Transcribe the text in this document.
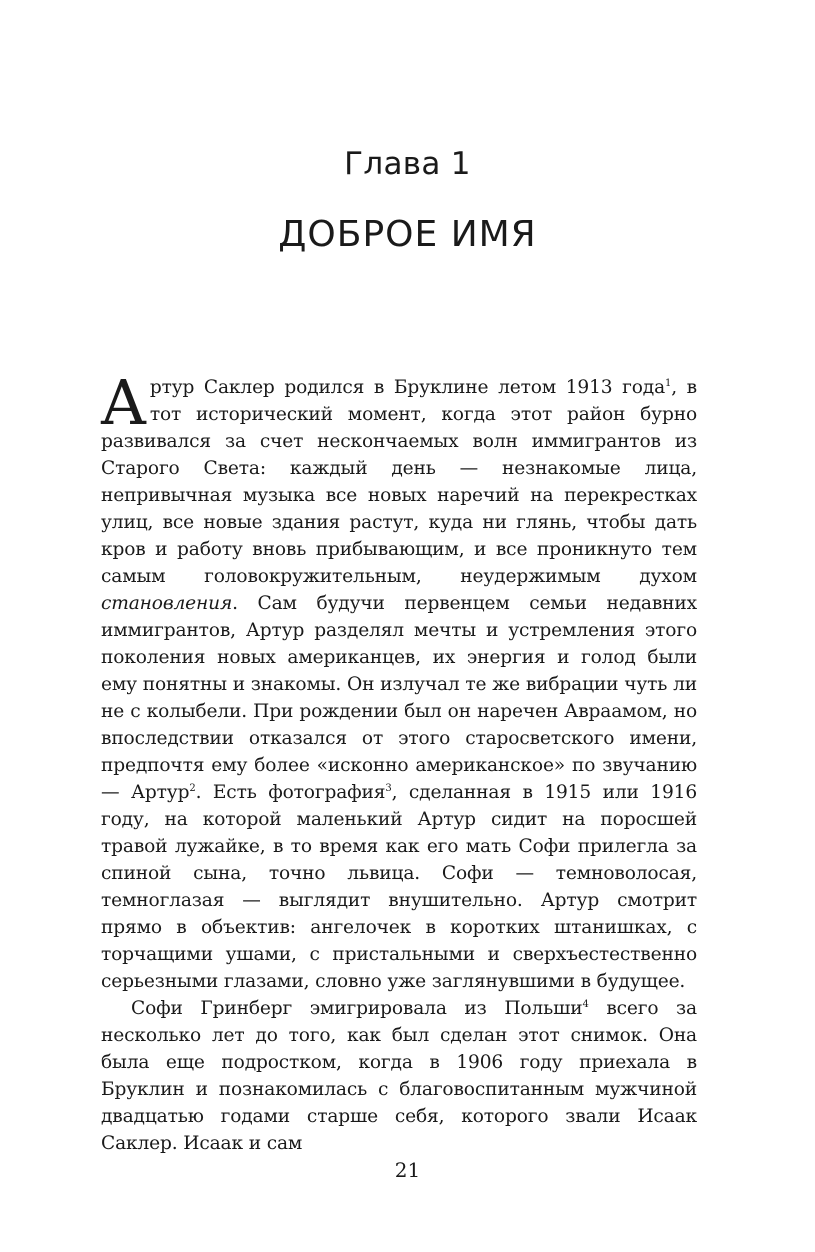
Глава 1
ДОБРОЕ ИМЯ

Артур Саклер родился в Бруклине летом 1913 года$^1$, в тот исторический момент, когда этот район бурно развивался за счет нескончаемых волн иммигрантов из Старого Света: каждый день — незнакомые лица, непривычная музыка все новых наречий на перекрестках улиц, все новые здания растут, куда ни глянь, чтобы дать кров и работу вновь прибывающим, и все проникнуто тем самым головокружительным, неудержимым духом становления. Сам будучи первенцем семьи недавних иммигрантов, Артур разделял мечты и устремления этого поколения новых американцев, их энергия и голод были ему понятны и знакомы. Он излучал те же вибрации чуть ли не с колыбели. При рождении был он наречен Авраамом, но впоследствии отказался от этого старосветского имени, предпочтя ему более «исконно американское» по звучанию — Артур$^2$. Есть фотография$^3$, сделанная в 1915 или 1916 году, на которой маленький Артур сидит на поросшей травой лужайке, в то время как его мать Софи прилегла за спиной сына, точно львица. Софи — темноволосая, темноглазая — выглядит внушительно. Артур смотрит прямо в объектив: ангелочек в коротких штанишках, с торчащими ушами, с пристальными и сверхъестественно серьезными глазами, словно уже заглянувшими в будущее.

Софи Гринберг эмигрировала из Польши$^4$ всего за несколько лет до того, как был сделан этот снимок. Она была еще подростком, когда в 1906 году приехала в Бруклин и познакомилась с благовоспитанным мужчиной двадцатью годами старше себя, которого звали Исаак Саклер. Исаак и сам

21
